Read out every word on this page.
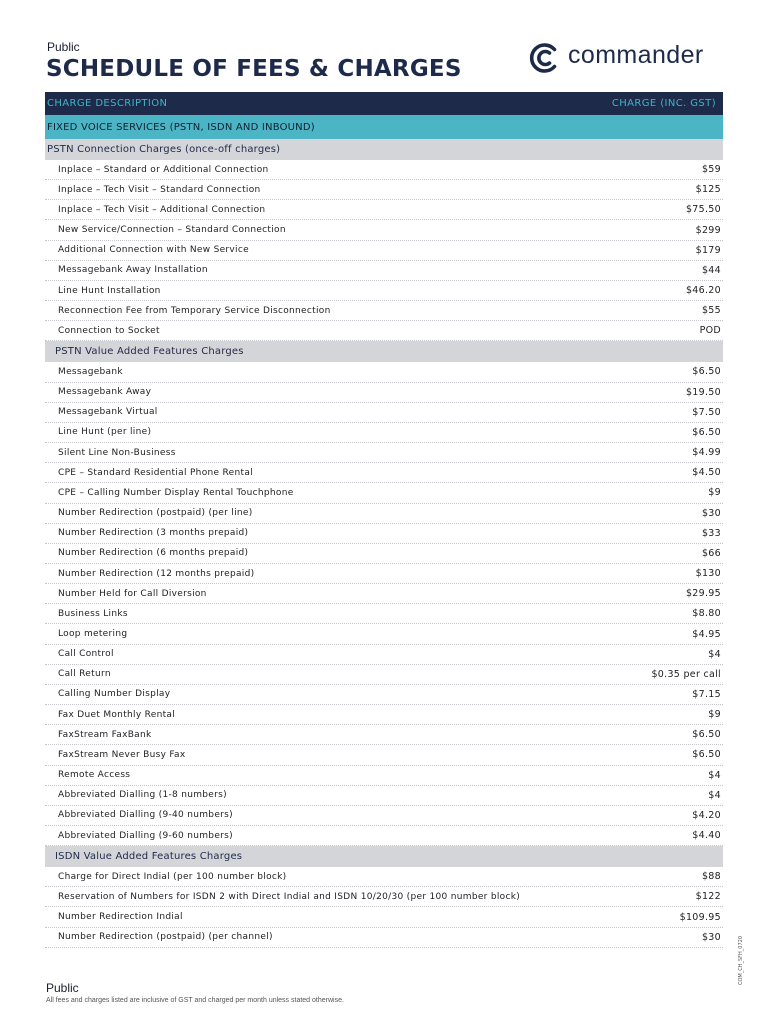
Public
SCHEDULE OF FEES & CHARGES
commander
CHARGE DESCRIPTION	CHARGE (INC. GST)
FIXED VOICE SERVICES (PSTN, ISDN AND INBOUND)
PSTN Connection Charges (once-off charges)
Inplace – Standard or Additional Connection	$59
Inplace – Tech Visit – Standard Connection	$125
Inplace – Tech Visit – Additional Connection	$75.50
New Service/Connection – Standard Connection	$299
Additional Connection with New Service	$179
Messagebank Away Installation	$44
Line Hunt Installation	$46.20
Reconnection Fee from Temporary Service Disconnection	$55
Connection to Socket	POD
PSTN Value Added Features Charges
Messagebank	$6.50
Messagebank Away	$19.50
Messagebank Virtual	$7.50
Line Hunt (per line)	$6.50
Silent Line Non-Business	$4.99
CPE – Standard Residential Phone Rental	$4.50
CPE – Calling Number Display Rental Touchphone	$9
Number Redirection (postpaid) (per line)	$30
Number Redirection (3 months prepaid)	$33
Number Redirection (6 months prepaid)	$66
Number Redirection (12 months prepaid)	$130
Number Held for Call Diversion	$29.95
Business Links	$8.80
Loop metering	$4.95
Call Control	$4
Call Return	$0.35 per call
Calling Number Display	$7.15
Fax Duet Monthly Rental	$9
FaxStream FaxBank	$6.50
FaxStream Never Busy Fax	$6.50
Remote Access	$4
Abbreviated Dialling (1-8 numbers)	$4
Abbreviated Dialling (9-40 numbers)	$4.20
Abbreviated Dialling (9-60 numbers)	$4.40
ISDN Value Added Features Charges
Charge for Direct Indial (per 100 number block)	$88
Reservation of Numbers for ISDN 2 with Direct Indial and ISDN 10/20/30 (per 100 number block)	$122
Number Redirection Indial	$109.95
Number Redirection (postpaid) (per channel)	$30	COM_CH_SFH_0720
Public
All fees and charges listed are inclusive of GST and charged per month unless stated otherwise.
